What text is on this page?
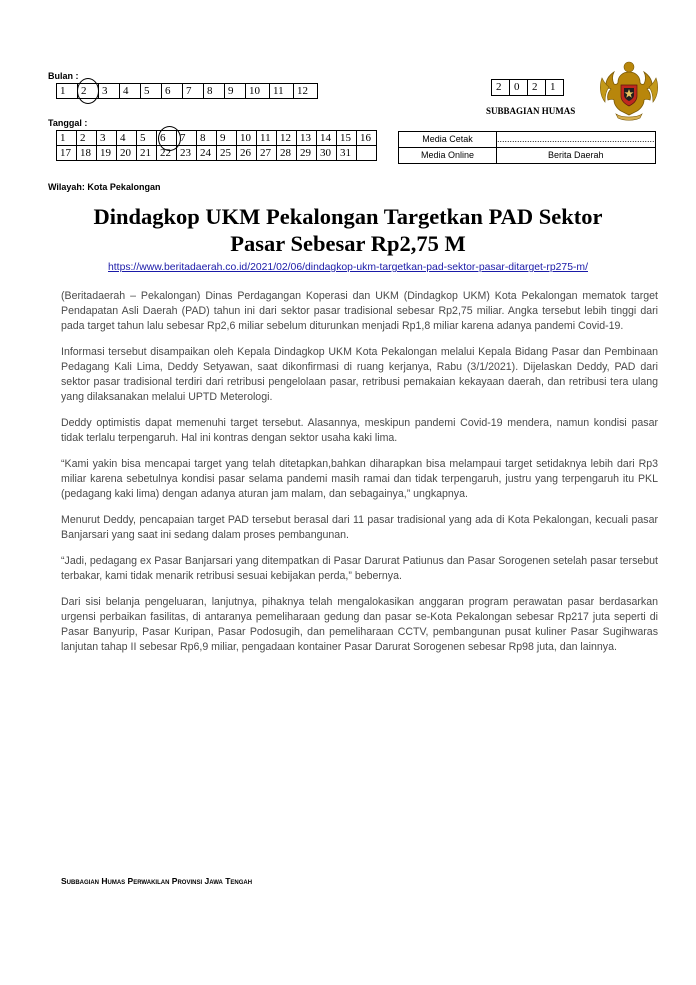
Bulan :
1	2	3	4	5	6	7	8	9	10	11	12
Tanggal :
1	2	3	4	5	6	7	8	9	10	11	12	13	14	15	16
17	18	19	20	21	22	23	24	25	26	27	28	29	30	31	
2	0	2	1
SUBBAGIAN HUMAS
Media Cetak	...............................................................
Media Online	Berita Daerah
Wilayah: Kota Pekalongan
Dindagkop UKM Pekalongan Targetkan PAD Sektor
Pasar Sebesar Rp2,75 M
https://www.beritadaerah.co.id/2021/02/06/dindagkop-ukm-targetkan-pad-sektor-pasar-ditarget-rp275-m/

(Beritadaerah – Pekalongan) Dinas Perdagangan Koperasi dan UKM (Dindagkop UKM) Kota Pekalongan mematok target Pendapatan Asli Daerah (PAD) tahun ini dari sektor pasar tradisional sebesar Rp2,75 miliar. Angka tersebut lebih tinggi dari pada target tahun lalu sebesar Rp2,6 miliar sebelum diturunkan menjadi Rp1,8 miliar karena adanya pandemi Covid-19.

Informasi tersebut disampaikan oleh Kepala Dindagkop UKM Kota Pekalongan melalui Kepala Bidang Pasar dan Pembinaan Pedagang Kali Lima, Deddy Setyawan, saat dikonfirmasi di ruang kerjanya, Rabu (3/1/2021). Dijelaskan Deddy, PAD dari sektor pasar tradisional terdiri dari retribusi pengelolaan pasar, retribusi pemakaian kekayaan daerah, dan retribusi tera ulang yang dilaksanakan melalui UPTD Meterologi.

Deddy optimistis dapat memenuhi target tersebut. Alasannya, meskipun pandemi Covid-19 mendera, namun kondisi pasar tidak terlalu terpengaruh. Hal ini kontras dengan sektor usaha kaki lima.

“Kami yakin bisa mencapai target yang telah ditetapkan,bahkan diharapkan bisa melampaui target setidaknya lebih dari Rp3 miliar karena sebetulnya kondisi pasar selama pandemi masih ramai dan tidak terpengaruh, justru yang terpengaruh itu PKL (pedagang kaki lima) dengan adanya aturan jam malam, dan sebagainya,” ungkapnya.

Menurut Deddy, pencapaian target PAD tersebut berasal dari 11 pasar tradisional yang ada di Kota Pekalongan, kecuali pasar Banjarsari yang saat ini sedang dalam proses pembangunan.

“Jadi, pedagang ex Pasar Banjarsari yang ditempatkan di Pasar Darurat Patiunus dan Pasar Sorogenen setelah pasar tersebut terbakar, kami tidak menarik retribusi sesuai kebijakan perda,” bebernya.

Dari sisi belanja pengeluaran, lanjutnya, pihaknya telah mengalokasikan anggaran program perawatan pasar berdasarkan urgensi perbaikan fasilitas, di antaranya pemeliharaan gedung dan pasar se-Kota Pekalongan sebesar Rp217 juta seperti di Pasar Banyurip, Pasar Kuripan, Pasar Podosugih, dan pemeliharaan CCTV, pembangunan pusat kuliner Pasar Sugihwaras lanjutan tahap II sebesar Rp6,9 miliar, pengadaan kontainer Pasar Darurat Sorogenen sebesar Rp98 juta, dan lainnya.

Subbagian Humas Perwakilan Provinsi Jawa Tengah
